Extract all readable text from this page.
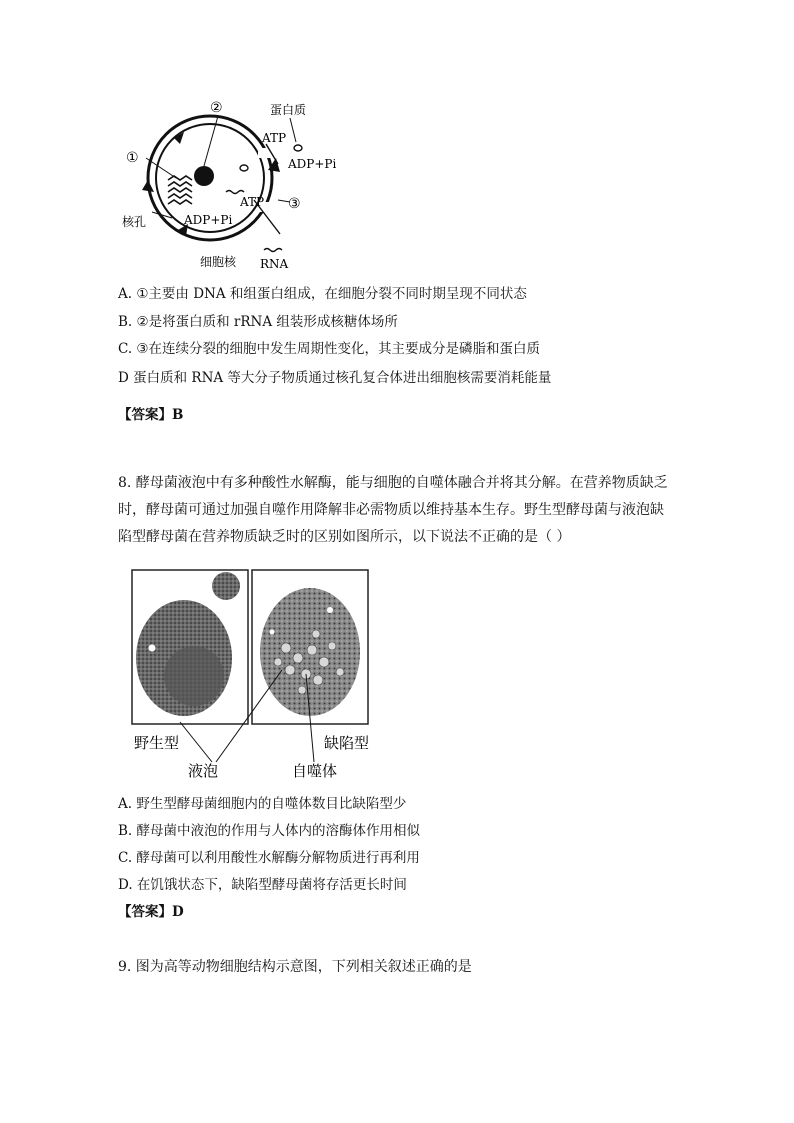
①
②
③
蛋白质
ATP
ADP+Pi
ATP
ADP+Pi
核孔
细胞核 RNA
A. ①主要由 DNA 和组蛋白组成，在细胞分裂不同时期呈现不同状态
B. ②是将蛋白质和 rRNA 组装形成核糖体场所
C. ③在连续分裂的细胞中发生周期性变化，其主要成分是磷脂和蛋白质
D 蛋白质和 RNA 等大分子物质通过核孔复合体进出细胞核需要消耗能量
【答案】B
8. 酵母菌液泡中有多种酸性水解酶，能与细胞的自噬体融合并将其分解。在营养物质缺乏
时，酵母菌可通过加强自噬作用降解非必需物质以维持基本生存。野生型酵母菌与液泡缺
陷型酵母菌在营养物质缺乏时的区别如图所示，以下说法不正确的是（ ）
野生型	缺陷型
液泡	自噬体
A. 野生型酵母菌细胞内的自噬体数目比缺陷型少
B. 酵母菌中液泡的作用与人体内的溶酶体作用相似
C. 酵母菌可以利用酸性水解酶分解物质进行再利用
D. 在饥饿状态下，缺陷型酵母菌将存活更长时间
【答案】D
9. 图为高等动物细胞结构示意图，下列相关叙述正确的是
